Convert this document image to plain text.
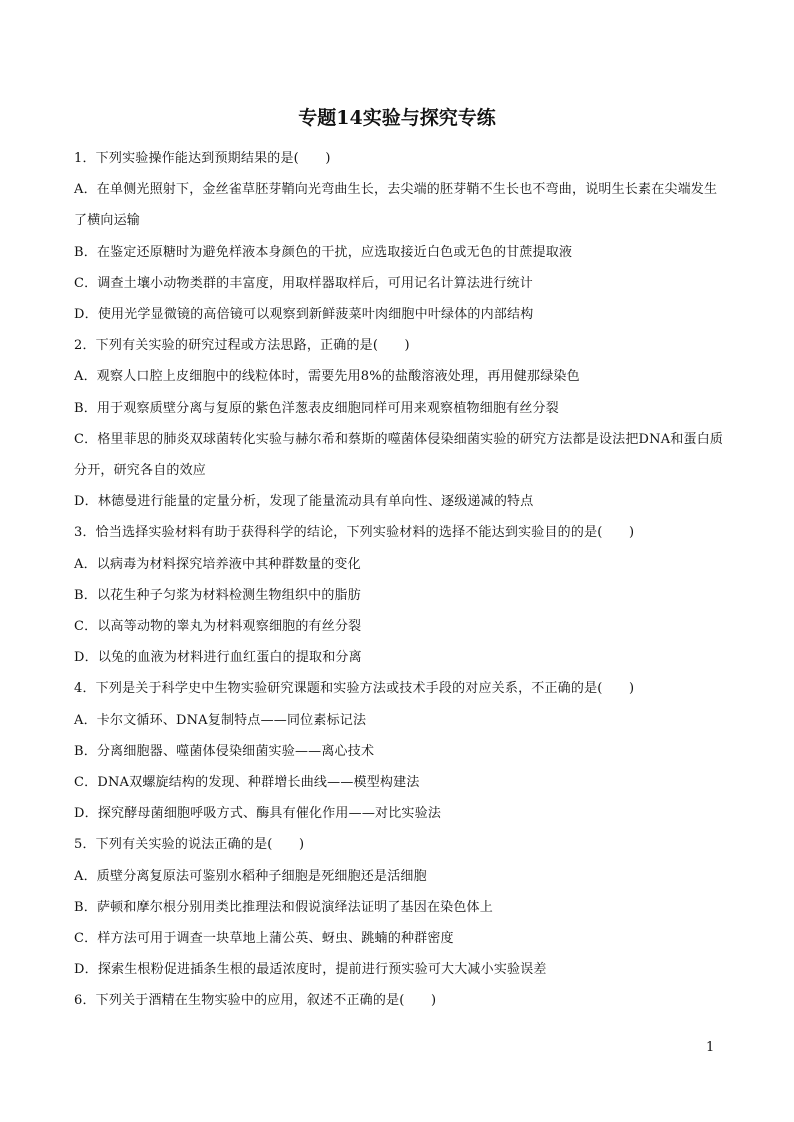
专题14实验与探究专练

1．下列实验操作能达到预期结果的是(　　)

A．在单侧光照射下，金丝雀草胚芽鞘向光弯曲生长，去尖端的胚芽鞘不生长也不弯曲，说明生长素在尖端发生了横向运输

B．在鉴定还原糖时为避免样液本身颜色的干扰，应选取接近白色或无色的甘蔗提取液

C．调查土壤小动物类群的丰富度，用取样器取样后，可用记名计算法进行统计

D．使用光学显微镜的高倍镜可以观察到新鲜菠菜叶肉细胞中叶绿体的内部结构

2．下列有关实验的研究过程或方法思路，正确的是(　　)

A．观察人口腔上皮细胞中的线粒体时，需要先用8%的盐酸溶液处理，再用健那绿染色

B．用于观察质壁分离与复原的紫色洋葱表皮细胞同样可用来观察植物细胞有丝分裂

C．格里菲思的肺炎双球菌转化实验与赫尔希和蔡斯的噬菌体侵染细菌实验的研究方法都是设法把DNA和蛋白质分开，研究各自的效应

D．林德曼进行能量的定量分析，发现了能量流动具有单向性、逐级递减的特点

3．恰当选择实验材料有助于获得科学的结论，下列实验材料的选择不能达到实验目的的是(　　)

A．以病毒为材料探究培养液中其种群数量的变化

B．以花生种子匀浆为材料检测生物组织中的脂肪

C．以高等动物的睾丸为材料观察细胞的有丝分裂

D．以兔的血液为材料进行血红蛋白的提取和分离

4．下列是关于科学史中生物实验研究课题和实验方法或技术手段的对应关系，不正确的是(　　)

A．卡尔文循环、DNA复制特点——同位素标记法

B．分离细胞器、噬菌体侵染细菌实验——离心技术

C．DNA双螺旋结构的发现、种群增长曲线——模型构建法

D．探究酵母菌细胞呼吸方式、酶具有催化作用——对比实验法

5．下列有关实验的说法正确的是(　　)

A．质壁分离复原法可鉴别水稻种子细胞是死细胞还是活细胞

B．萨顿和摩尔根分别用类比推理法和假说演绎法证明了基因在染色体上

C．样方法可用于调查一块草地上蒲公英、蚜虫、跳蝻的种群密度

D．探索生根粉促进插条生根的最适浓度时，提前进行预实验可大大减小实验误差

6．下列关于酒精在生物实验中的应用，叙述不正确的是(　　)

1
